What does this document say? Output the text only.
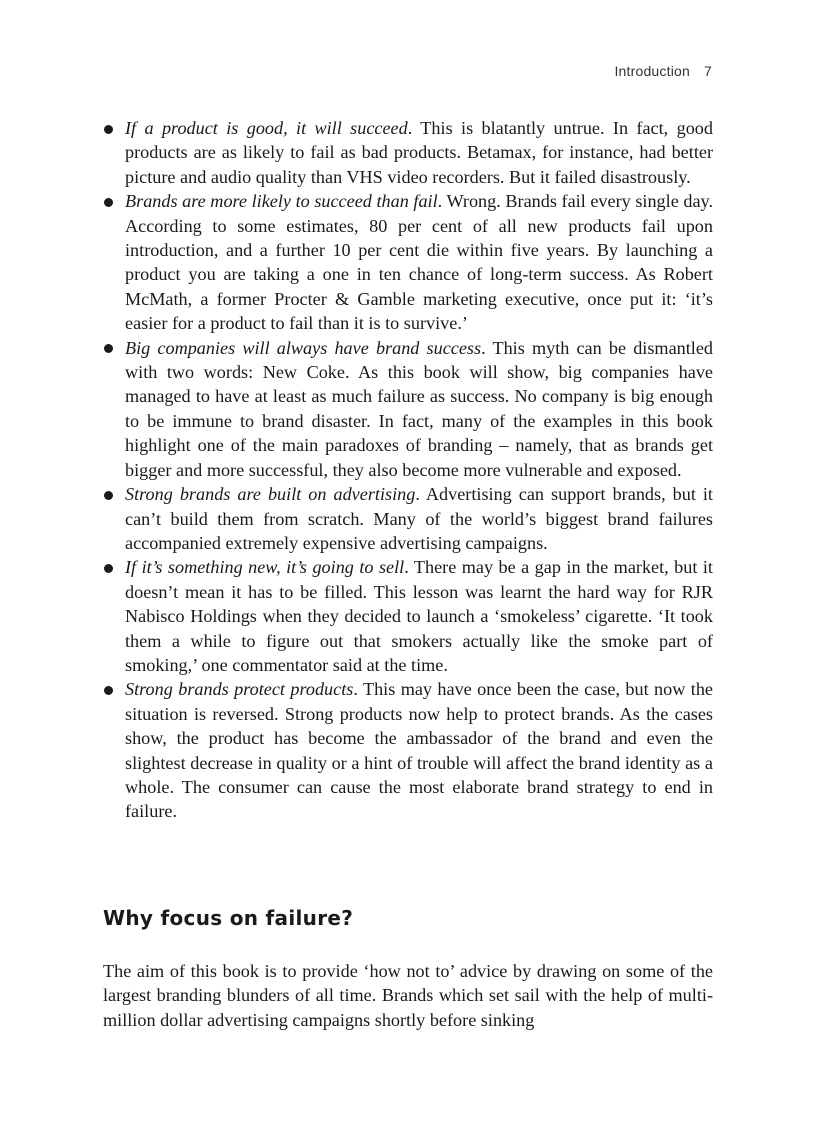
Introduction 7
If a product is good, it will succeed. This is blatantly untrue. In fact, good products are as likely to fail as bad products. Betamax, for instance, had better picture and audio quality than VHS video recorders. But it failed disastrously.
Brands are more likely to succeed than fail. Wrong. Brands fail every single day. According to some estimates, 80 per cent of all new products fail upon introduction, and a further 10 per cent die within five years. By launching a product you are taking a one in ten chance of long-term success. As Robert McMath, a former Procter & Gamble marketing executive, once put it: ‘it’s easier for a product to fail than it is to survive.’
Big companies will always have brand success. This myth can be dismantled with two words: New Coke. As this book will show, big companies have managed to have at least as much failure as success. No company is big enough to be immune to brand disaster. In fact, many of the examples in this book highlight one of the main paradoxes of branding – namely, that as brands get bigger and more successful, they also become more vulnerable and exposed.
Strong brands are built on advertising. Advertising can support brands, but it can’t build them from scratch. Many of the world’s biggest brand failures accompanied extremely expensive advertising campaigns.
If it’s something new, it’s going to sell. There may be a gap in the market, but it doesn’t mean it has to be filled. This lesson was learnt the hard way for RJR Nabisco Holdings when they decided to launch a ‘smokeless’ cigarette. ‘It took them a while to figure out that smokers actually like the smoke part of smoking,’ one commentator said at the time.
Strong brands protect products. This may have once been the case, but now the situation is reversed. Strong products now help to protect brands. As the cases show, the product has become the ambassador of the brand and even the slightest decrease in quality or a hint of trouble will affect the brand identity as a whole. The consumer can cause the most elaborate brand strategy to end in failure.
Why focus on failure?

The aim of this book is to provide ‘how not to’ advice by drawing on some of the largest branding blunders of all time. Brands which set sail with the help of multi-million dollar advertising campaigns shortly before sinking
